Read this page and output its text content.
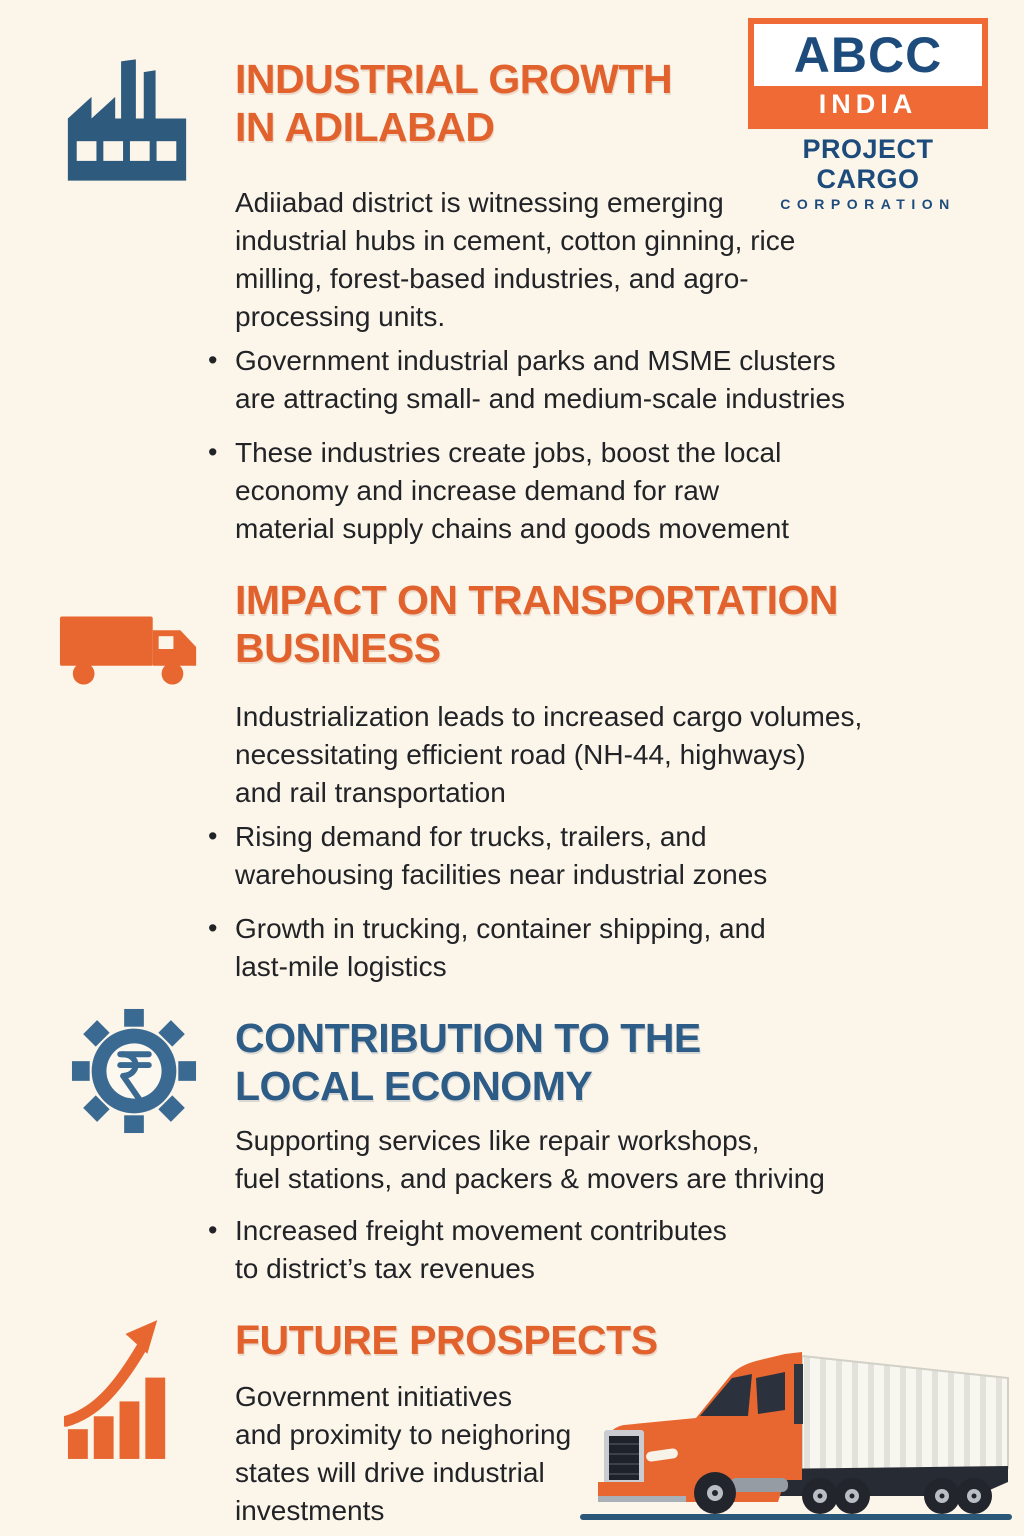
INDUSTRIAL GROWTH
IN ADILABAD
ABCC
INDIA
PROJECT CARGO
CORPORATION
Adiiabad district is witnessing emerging
industrial hubs in cement, cotton ginning, rice
milling, forest-based industries, and agro-
processing units.
• Government industrial parks and MSME clusters
are attracting small- and medium-scale industries
• These industries create jobs, boost the local
economy and increase demand for raw
material supply chains and goods movement
IMPACT ON TRANSPORTATION
BUSINESS
Industrialization leads to increased cargo volumes,
necessitating efficient road (NH-44, highways)
and rail transportation
• Rising demand for trucks, trailers, and
warehousing facilities near industrial zones
• Growth in trucking, container shipping, and
last-mile logistics
CONTRIBUTION TO THE
LOCAL ECONOMY
Supporting services like repair workshops,
fuel stations, and packers & movers are thriving
• Increased freight movement contributes
to district’s tax revenues
FUTURE PROSPECTS
Government initiatives
and proximity to neighoring
states will drive industrial
investments
